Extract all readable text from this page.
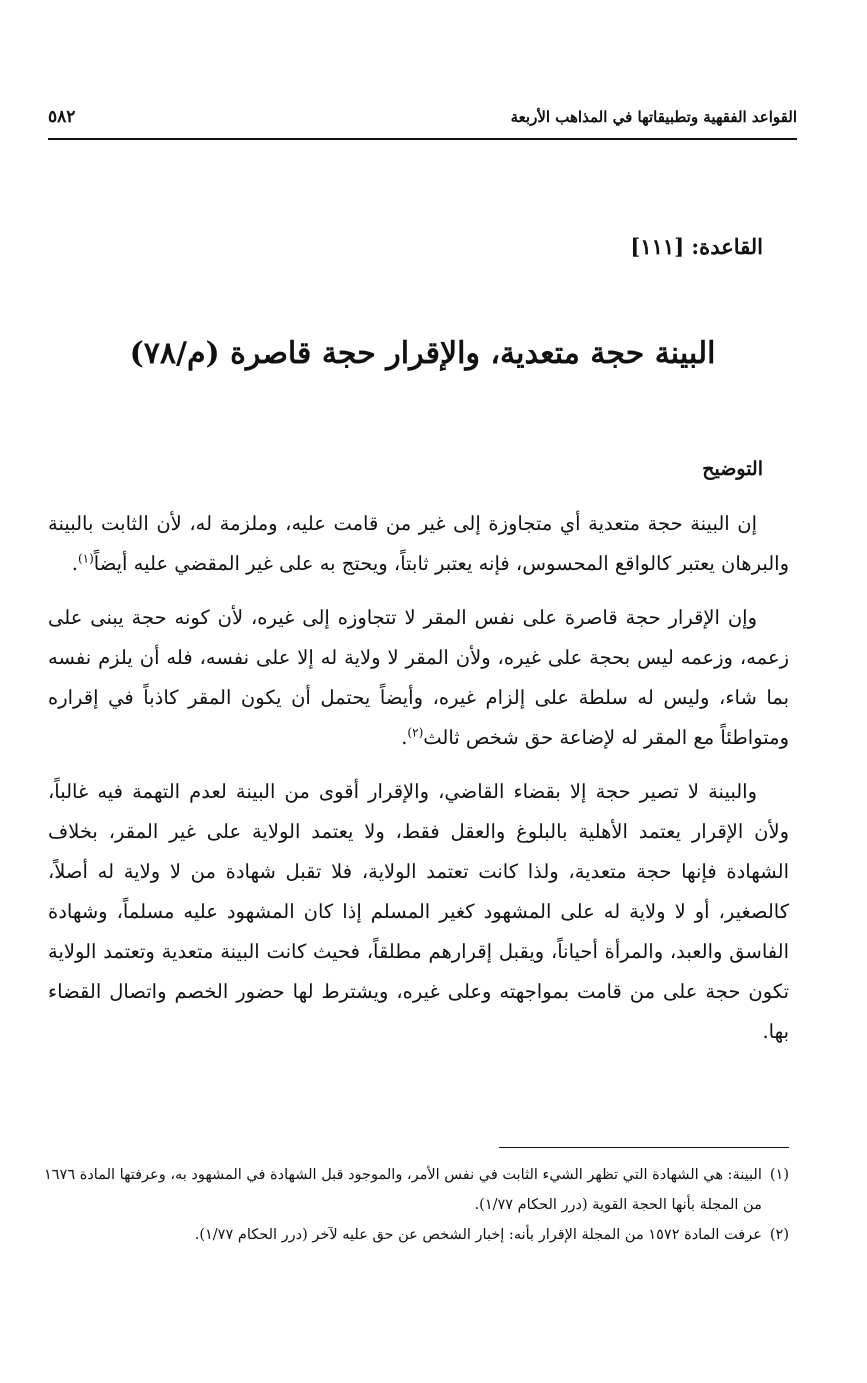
القواعد الفقهية وتطبيقاتها في المذاهب الأربعة
٥٨٢
القاعدة: [١١١]
البينة حجة متعدية، والإقرار حجة قاصرة (م/٧٨)
التوضيح

إن البينة حجة متعدية أي متجاوزة إلى غير من قامت عليه، وملزمة له، لأن الثابت بالبينة والبرهان يعتبر كالواقع المحسوس، فإنه يعتبر ثابتاً، ويحتج به على غير المقضي عليه أيضاً$^{(١)}$.

وإن الإقرار حجة قاصرة على نفس المقر لا تتجاوزه إلى غيره، لأن كونه حجة يبنى على زعمه، وزعمه ليس بحجة على غيره، ولأن المقر لا ولاية له إلا على نفسه، فله أن يلزم نفسه بما شاء، وليس له سلطة على إلزام غيره، وأيضاً يحتمل أن يكون المقر كاذباً في إقراره ومتواطئاً مع المقر له لإضاعة حق شخص ثالث$^{(٢)}$.

والبينة لا تصير حجة إلا بقضاء القاضي، والإقرار أقوى من البينة لعدم التهمة فيه غالباً، ولأن الإقرار يعتمد الأهلية بالبلوغ والعقل فقط، ولا يعتمد الولاية على غير المقر، بخلاف الشهادة فإنها حجة متعدية، ولذا كانت تعتمد الولاية، فلا تقبل شهادة من لا ولاية له أصلاً، كالصغير، أو لا ولاية له على المشهود كغير المسلم إذا كان المشهود عليه مسلماً، وشهادة الفاسق والعبد، والمرأة أحياناً، ويقبل إقرارهم مطلقاً، فحيث كانت البينة متعدية وتعتمد الولاية تكون حجة على من قامت بمواجهته وعلى غيره، ويشترط لها حضور الخصم واتصال القضاء بها.

(١)
البينة: هي الشهادة التي تظهر الشيء الثابت في نفس الأمر، والموجود قبل الشهادة في المشهود به، وعرفتها المادة ١٦٧٦ من المجلة بأنها الحجة القوية (درر الحكام ١/٧٧).
(٢)
عرفت المادة ١٥٧٢ من المجلة الإقرار بأنه: إخبار الشخص عن حق عليه لآخر (درر الحكام ١/٧٧).
